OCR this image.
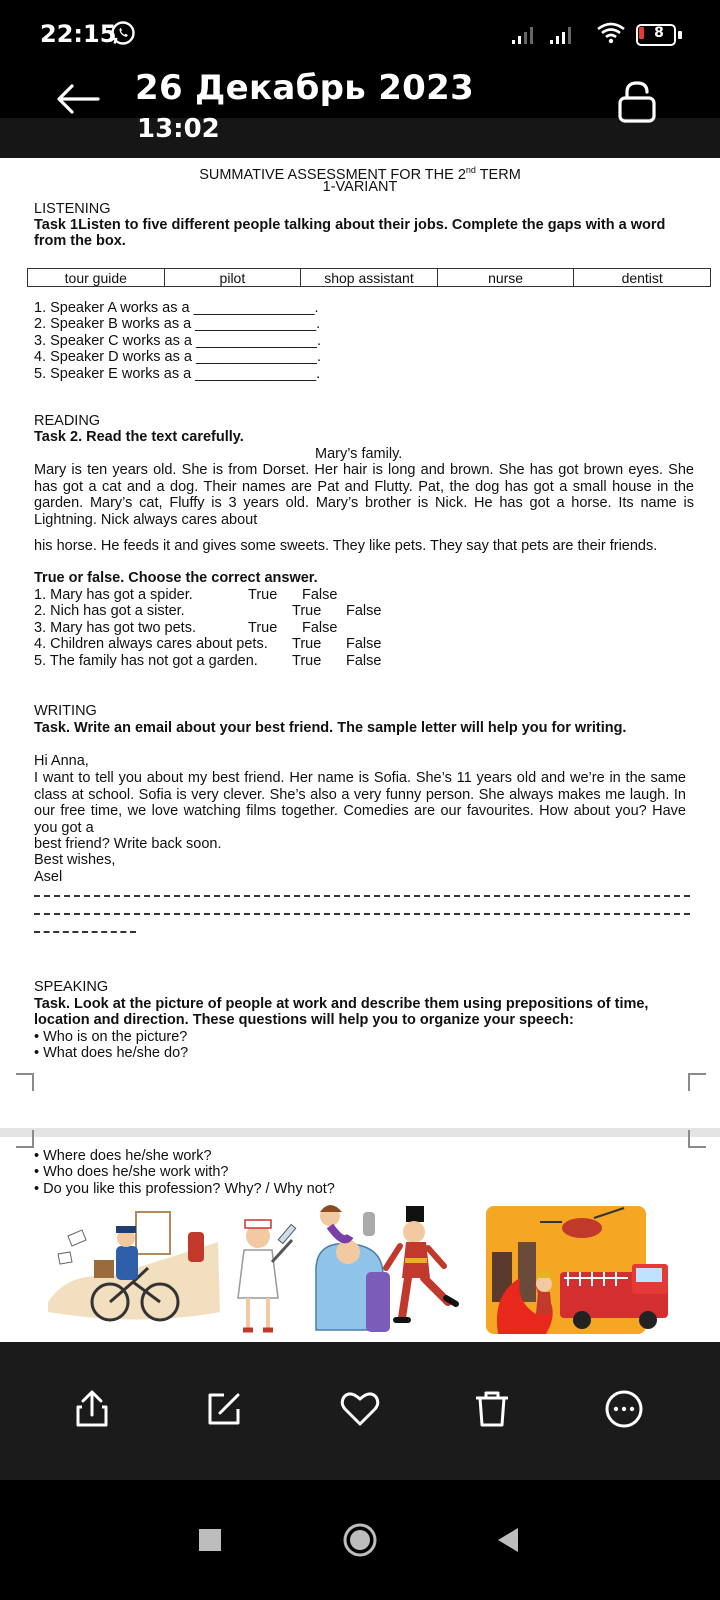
22:15	8
26 Декабрь 2023
13:02
SUMMATIVE ASSESSMENT FOR THE 2nd TERM
1-VARIANT
LISTENING
Task 1Listen to five different people talking about their jobs. Complete the gaps with a word
from the box.
tour guide	pilot	shop assistant	nurse	dentist
1. Speaker A works as a _______________.
2. Speaker B works as a _______________.
3. Speaker C works as a _______________.
4. Speaker D works as a _______________.
5. Speaker E works as a _______________.
READING
Task 2. Read the text carefully.
Mary’s family.
Mary is ten years old. She is from Dorset. Her hair is long and brown. She has got brown eyes. She has got a cat and a dog. Their names are Pat and Flutty. Pat, the dog has got a small house in the garden. Mary’s cat, Fluffy is 3 years old. Mary’s brother is Nick. He has got a horse. Its name is Lightning. Nick always cares about
his horse. He feeds it and gives some sweets. They like pets. They say that pets are their friends.
True or false. Choose the correct answer.
1. Mary has got a spider.	True False
2. Nich has got a sister.	True False
3. Mary has got two pets.	True False
4. Children always cares about pets. True False
5. The family has not got a garden. True False
WRITING
Task. Write an email about your best friend. The sample letter will help you for writing.
Hi Anna,
I want to tell you about my best friend. Her name is Sofia. She’s 11 years old and we’re in the same class at school. Sofia is very clever. She’s also a very funny person. She always makes me laugh. In our free time, we love watching films together. Comedies are our favourites. How about you? Have you got a
best friend? Write back soon.
Best wishes,
Asel
SPEAKING
Task. Look at the picture of people at work and describe them using prepositions of time,
location and direction. These questions will help you to organize your speech:
• Who is on the picture?
• What does he/she do?
• Where does he/she work?
• Who does he/she work with?
• Do you like this profession? Why? / Why not?
